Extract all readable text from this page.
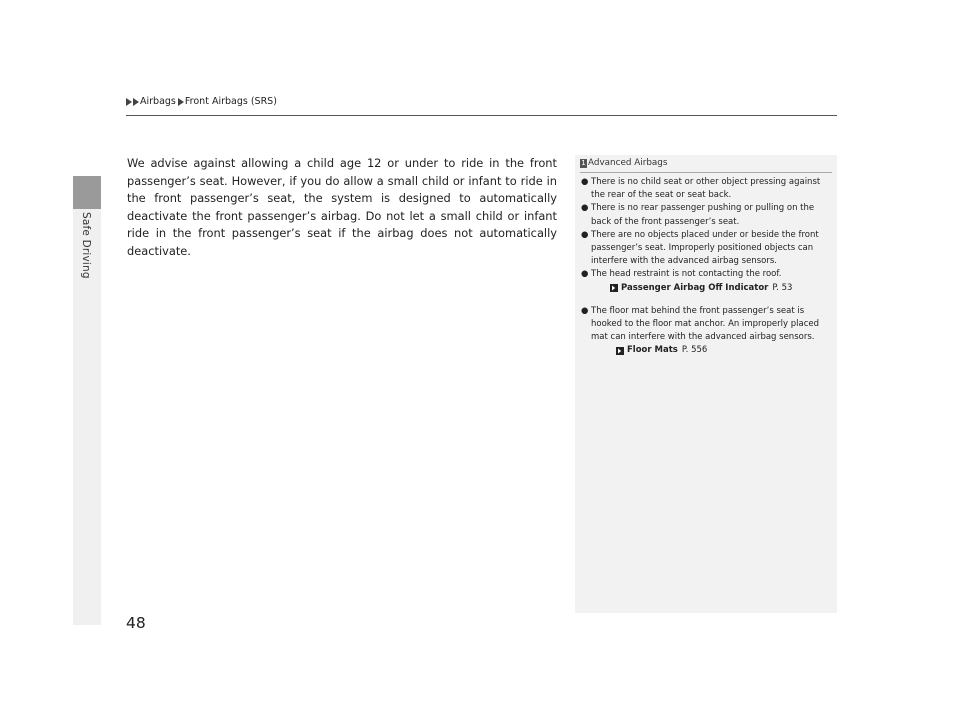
Safe Driving
Airbags Front Airbags (SRS)
We advise against allowing a child age 12 or under to ride in the front passenger’s seat. However, if you do allow a small child or infant to ride in the front passenger’s seat, the system is designed to automatically deactivate the front passenger’s airbag. Do not let a small child or infant ride in the front passenger’s seat if the airbag does not automatically deactivate.
1 Advanced Airbags
● There is no child seat or other object pressing against the rear of the seat or seat back.
● There is no rear passenger pushing or pulling on the back of the front passenger’s seat.
● There are no objects placed under or beside the front passenger’s seat. Improperly positioned objects can interfere with the advanced airbag sensors.
● The head restraint is not contacting the roof.
Passenger Airbag Off Indicator P. 53
● The floor mat behind the front passenger’s seat is hooked to the floor mat anchor. An improperly placed mat can interfere with the advanced airbag sensors.
Floor Mats P. 556
48
